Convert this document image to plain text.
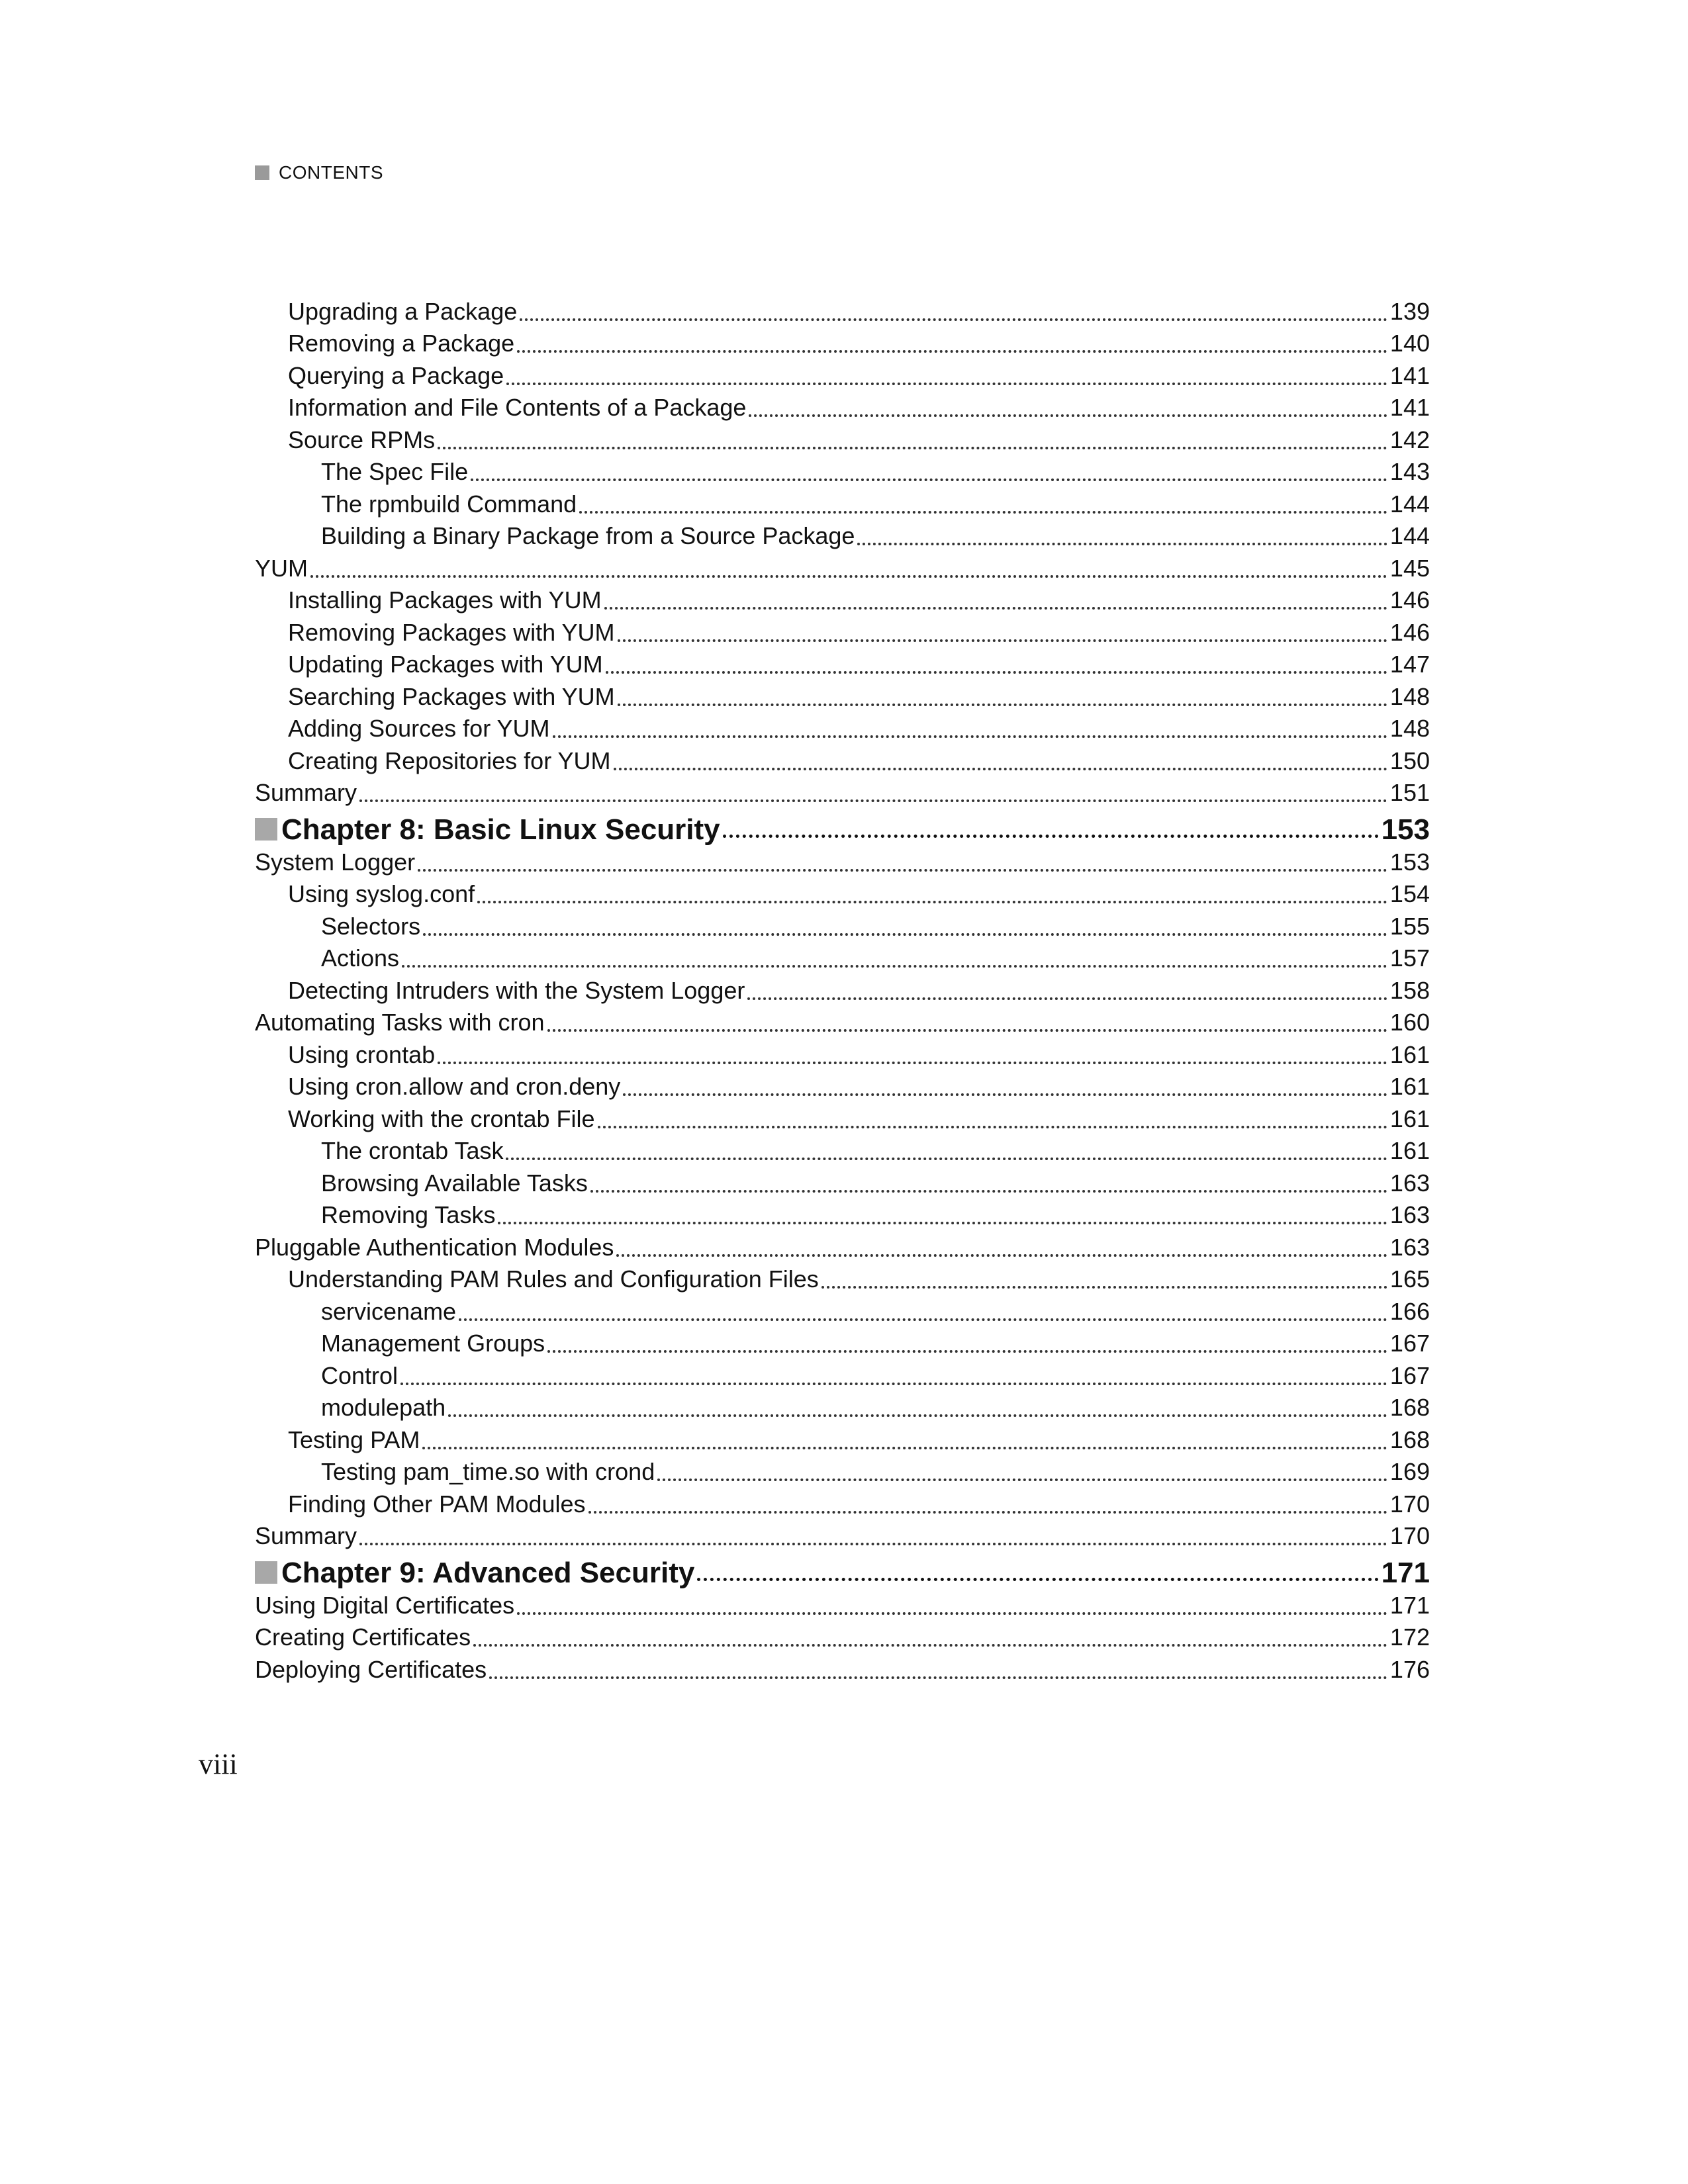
CONTENTS
Upgrading a Package	139
Removing a Package	140
Querying a Package	141
Information and File Contents of a Package	141
Source RPMs	142
The Spec File	143
The rpmbuild Command	144
Building a Binary Package from a Source Package	144
YUM	145
Installing Packages with YUM	146
Removing Packages with YUM	146
Updating Packages with YUM	147
Searching Packages with YUM	148
Adding Sources for YUM	148
Creating Repositories for YUM	150
Summary	151
Chapter 8: Basic Linux Security	153
System Logger	153
Using syslog.conf	154
Selectors	155
Actions	157
Detecting Intruders with the System Logger	158
Automating Tasks with cron	160
Using crontab	161
Using cron.allow and cron.deny	161
Working with the crontab File	161
The crontab Task	161
Browsing Available Tasks	163
Removing Tasks	163
Pluggable Authentication Modules	163
Understanding PAM Rules and Configuration Files	165
servicename	166
Management Groups	167
Control	167
modulepath	168
Testing PAM	168
Testing pam_time.so with crond	169
Finding Other PAM Modules	170
Summary	170
Chapter 9: Advanced Security	171
Using Digital Certificates	171
Creating Certificates	172
Deploying Certificates	176
viii
